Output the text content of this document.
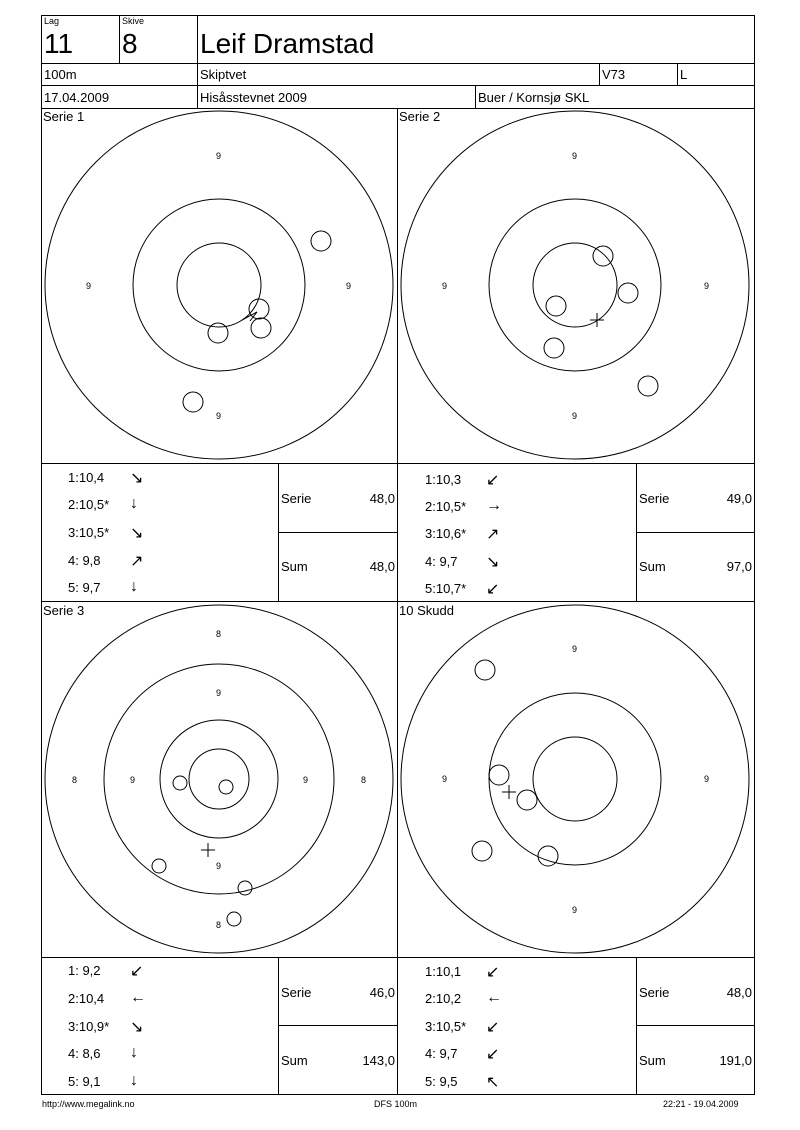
Lag	Skive
11 8 Leif Dramstad
100m	Skiptvet	V73	L
17.04.2009	Hisåsstevnet 2009	Buer / Kornsjø SKL
Serie 1
9
9	9
9
1:10,4 ↘
2:10,5* ↓
3:10,5* ↘
4: 9,8 ↗
5: 9,7 ↓
Serie	48,0
Sum	48,0
Serie 2
9
9	9
9
1:10,3 ↙
2:10,5* →
3:10,6* ↗
4: 9,7 ↘
5:10,7* ↙
Serie	49,0
Sum	97,0
Serie 3
8
9
8	9	9	8
9
8
1: 9,2 ↙
2:10,4 ←
3:10,9* ↘
4: 8,6 ↓
5: 9,1 ↓
Serie	46,0
Sum	143,0
10 Skudd
9
9	9
9
1:10,1 ↙
2:10,2 ←
3:10,5* ↙
4: 9,7 ↙
5: 9,5 ↖
Serie	48,0
Sum	191,0
http://www.megalink.no	DFS 100m	22:21 - 19.04.2009
